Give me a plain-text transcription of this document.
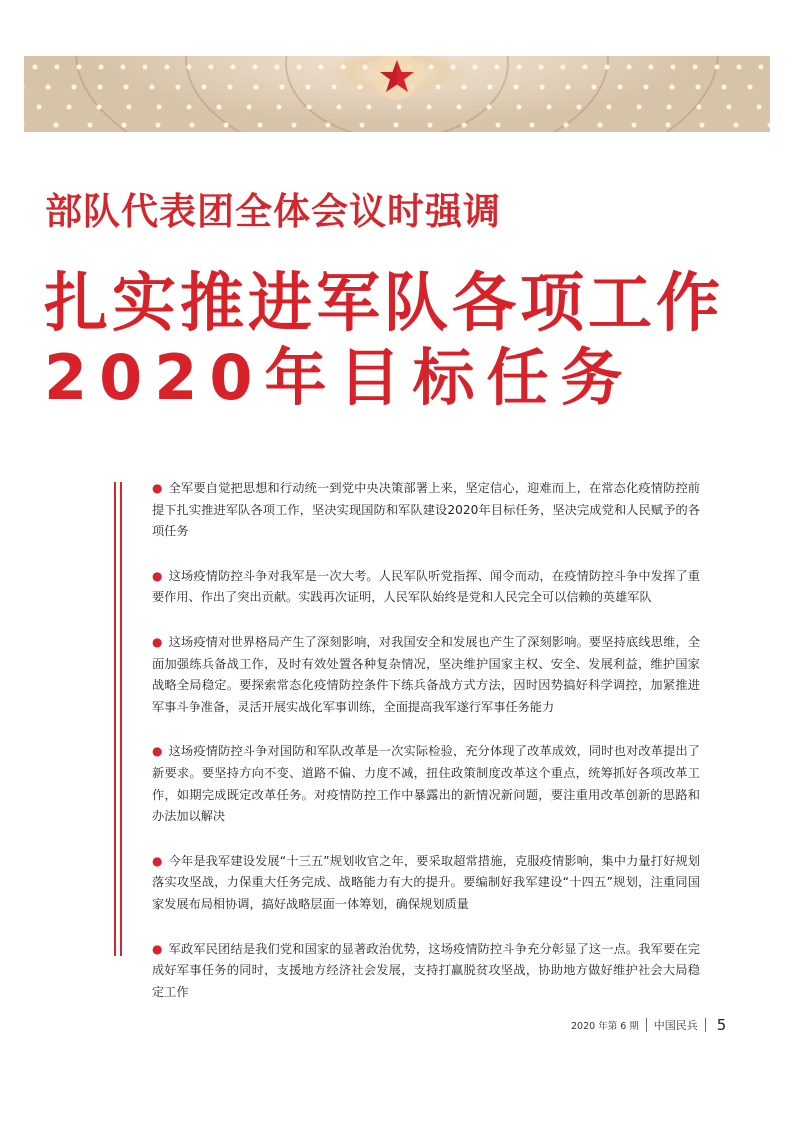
部队代表团全体会议时强调
扎实推进军队各项工作
2020年目标任务

● 全军要自觉把思想和行动统一到党中央决策部署上来，坚定信心，迎难而上，在常态化疫情防控前提下扎实推进军队各项工作，坚决实现国防和军队建设2020年目标任务，坚决完成党和人民赋予的各项任务

● 这场疫情防控斗争对我军是一次大考。人民军队听党指挥、闻令而动，在疫情防控斗争中发挥了重要作用、作出了突出贡献。实践再次证明，人民军队始终是党和人民完全可以信赖的英雄军队

● 这场疫情对世界格局产生了深刻影响，对我国安全和发展也产生了深刻影响。要坚持底线思维，全面加强练兵备战工作，及时有效处置各种复杂情况，坚决维护国家主权、安全、发展利益，维护国家战略全局稳定。要探索常态化疫情防控条件下练兵备战方式方法，因时因势搞好科学调控，加紧推进军事斗争准备，灵活开展实战化军事训练，全面提高我军遂行军事任务能力

● 这场疫情防控斗争对国防和军队改革是一次实际检验，充分体现了改革成效，同时也对改革提出了新要求。要坚持方向不变、道路不偏、力度不减，扭住政策制度改革这个重点，统筹抓好各项改革工作，如期完成既定改革任务。对疫情防控工作中暴露出的新情况新问题，要注重用改革创新的思路和办法加以解决

● 今年是我军建设发展“十三五”规划收官之年，要采取超常措施，克服疫情影响，集中力量打好规划落实攻坚战，力保重大任务完成、战略能力有大的提升。要编制好我军建设“十四五”规划，注重同国家发展布局相协调，搞好战略层面一体筹划，确保规划质量

● 军政军民团结是我们党和国家的显著政治优势，这场疫情防控斗争充分彰显了这一点。我军要在完成好军事任务的同时，支援地方经济社会发展，支持打赢脱贫攻坚战，协助地方做好维护社会大局稳定工作

2020 年第 6 期 中国民兵 5
